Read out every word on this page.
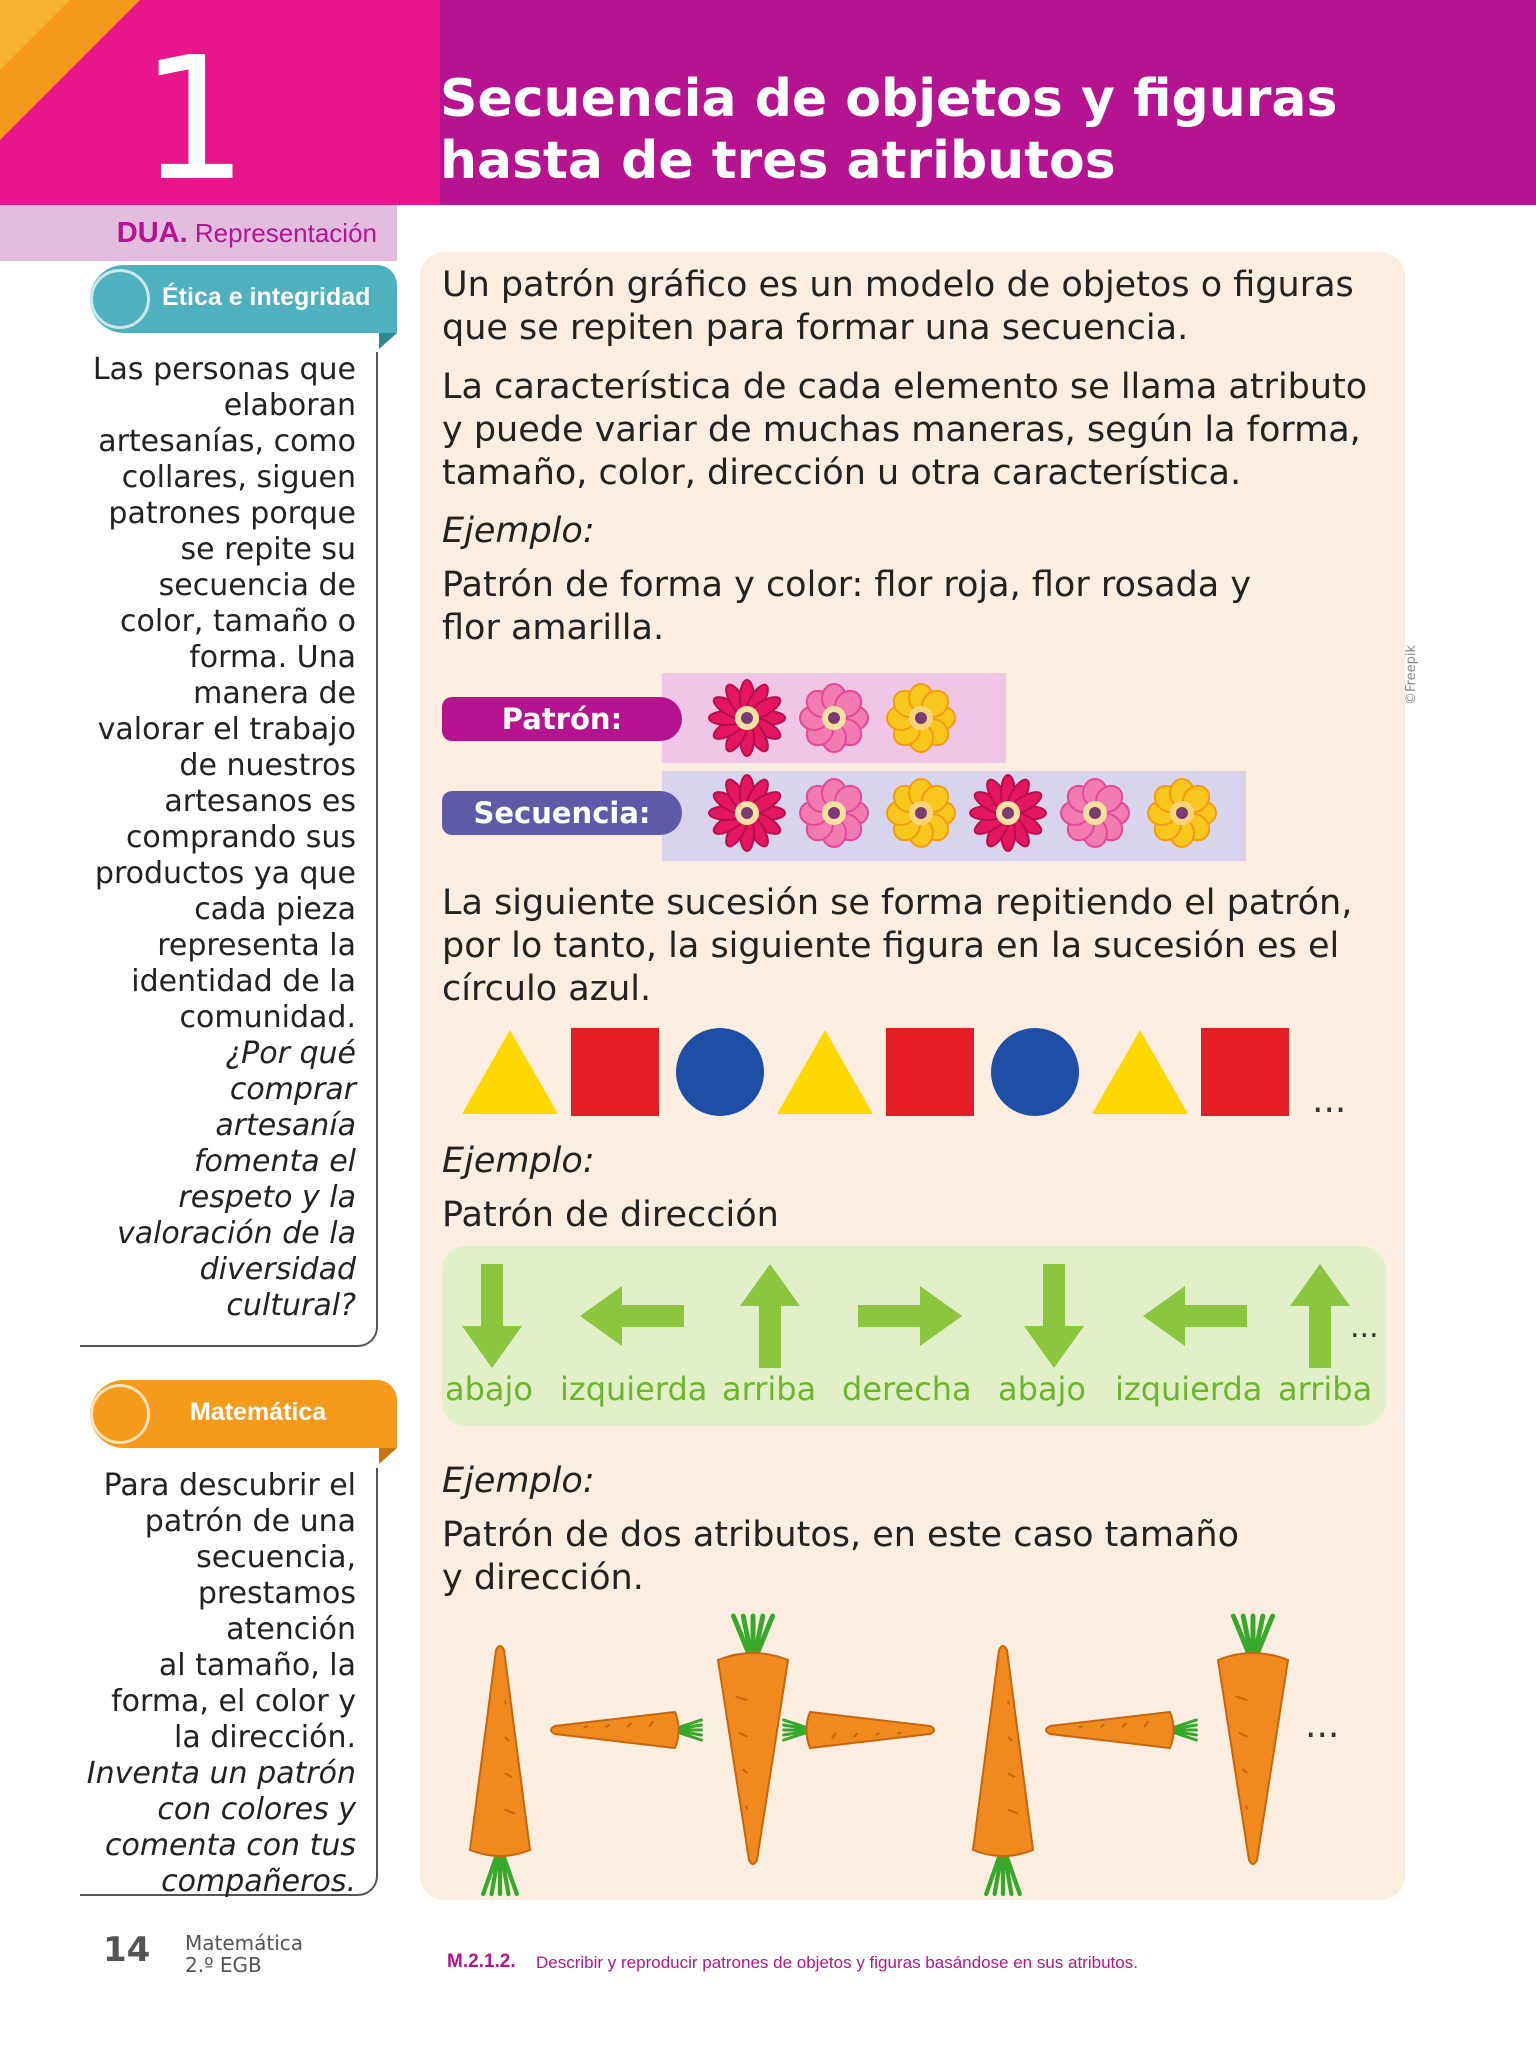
1	Secuencia de objetos y figuras
hasta de tres atributos
DUA. Representación
Ética e integridad
Las personas que
elaboran
artesanías, como
collares, siguen
patrones porque
se repite su
secuencia de
color, tamaño o
forma. Una
manera de
valorar el trabajo
de nuestros
artesanos es
comprando sus
productos ya que
cada pieza
representa la
identidad de la
comunidad.
¿Por qué
comprar
artesanía
fomenta el
respeto y la
valoración de la
diversidad
cultural?
Matemática
Para descubrir el
patrón de una
secuencia,
prestamos atención
al tamaño, la
forma, el color y
la dirección.
Inventa un patrón
con colores y
comenta con tus
compañeros.
Un patrón gráfico es un modelo de objetos o figuras
que se repiten para formar una secuencia.
La característica de cada elemento se llama atributo
y puede variar de muchas maneras, según la forma,
tamaño, color, dirección u otra característica.
Ejemplo:
Patrón de forma y color: flor roja, flor rosada y
flor amarilla.
Patrón:
Secuencia:
La siguiente sucesión se forma repitiendo el patrón,
por lo tanto, la siguiente figura en la sucesión es el
círculo azul.
...
Ejemplo:
Patrón de dirección
abajo izquierda arriba derecha abajo izquierda arriba
...
Ejemplo:
Patrón de dos atributos, en este caso tamaño
y dirección.
...
©Freepik
14 Matemática
2.º EGB	M.2.1.2. Describir y reproducir patrones de objetos y figuras basándose en sus atributos.
